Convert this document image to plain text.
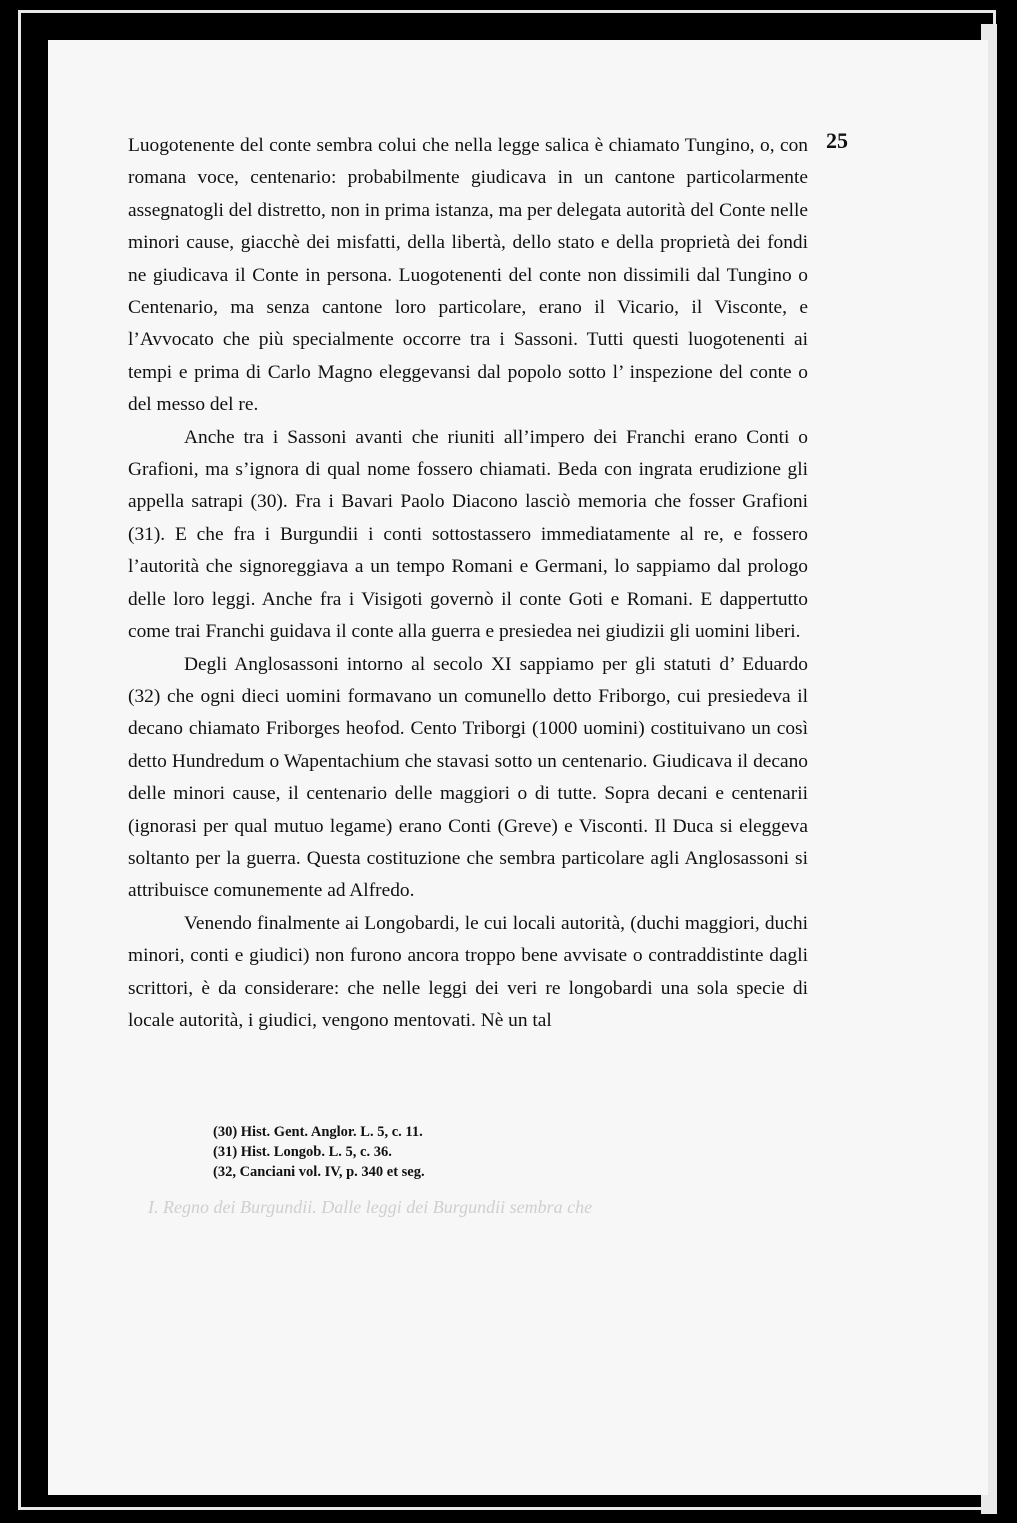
25

Luogotenente del conte sembra colui che nella legge salica è chiamato Tungino, o, con romana voce, centenario: probabilmente giudicava in un cantone particolarmente assegnatogli del distretto, non in prima istanza, ma per delegata autorità del Conte nelle minori cause, giacchè dei misfatti, della libertà, dello stato e della proprietà dei fondi ne giudicava il Conte in persona. Luogotenenti del conte non dissimili dal Tungino o Centenario, ma senza cantone loro particolare, erano il Vicario, il Visconte, e l’Avvocato che più specialmente occorre tra i Sassoni. Tutti questi luogotenenti ai tempi e prima di Carlo Magno eleggevansi dal popolo sotto l’ inspezione del conte o del messo del re.

Anche tra i Sassoni avanti che riuniti all’impero dei Franchi erano Conti o Grafioni, ma s’ignora di qual nome fossero chiamati. Beda con ingrata erudizione gli appella satrapi (30). Fra i Bavari Paolo Diacono lasciò memoria che fosser Grafioni (31). E che fra i Burgundii i conti sottostassero immediatamente al re, e fossero l’autorità che signoreggiava a un tempo Romani e Germani, lo sappiamo dal prologo delle loro leggi. Anche fra i Visigoti governò il conte Goti e Romani. E dappertutto come trai Franchi guidava il conte alla guerra e presiedea nei giudizii gli uomini liberi.

Degli Anglosassoni intorno al secolo XI sappiamo per gli statuti d’ Eduardo (32) che ogni dieci uomini formavano un comunello detto Friborgo, cui presiedeva il decano chiamato Friborges heofod. Cento Triborgi (1000 uomini) costituivano un così detto Hundredum o Wapentachium che stavasi sotto un centenario. Giudicava il decano delle minori cause, il centenario delle maggiori o di tutte. Sopra decani e centenarii (ignorasi per qual mutuo legame) erano Conti (Greve) e Visconti. Il Duca si eleggeva soltanto per la guerra. Questa costituzione che sembra particolare agli Anglosassoni si attribuisce comunemente ad Alfredo.

Venendo finalmente ai Longobardi, le cui locali autorità, (duchi maggiori, duchi minori, conti e giudici) non furono ancora troppo bene avvisate o contraddistinte dagli scrittori, è da considerare: che nelle leggi dei veri re longobardi una sola specie di locale autorità, i giudici, vengono mentovati. Nè un tal

(30) Hist. Gent. Anglor. L. 5, c. 11.
(31) Hist. Longob. L. 5, c. 36.
(32, Canciani vol. IV, p. 340 et seg.
I. Regno dei Burgundii. Dalle leggi dei Burgundii sembra che
